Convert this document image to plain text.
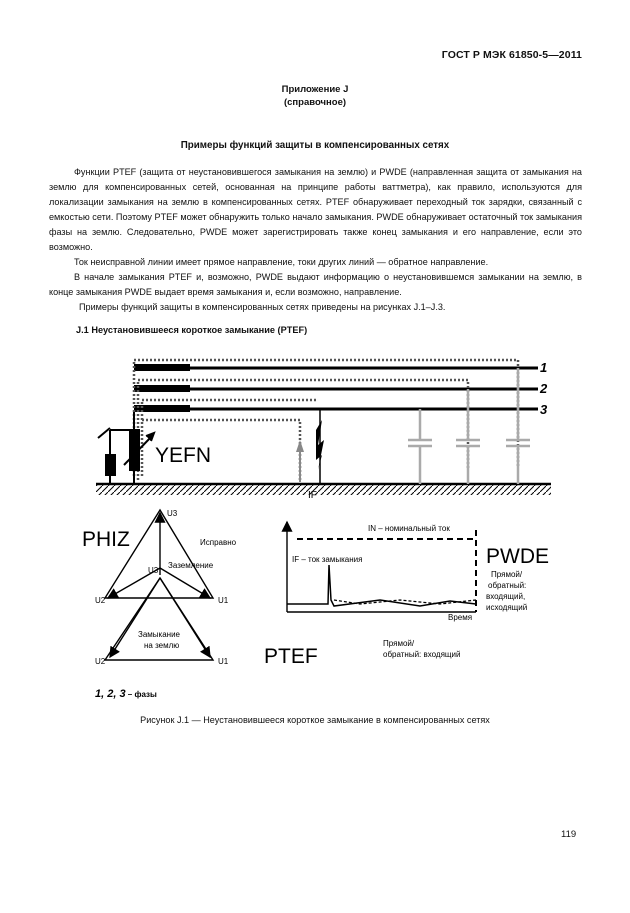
ГОСТ Р МЭК 61850-5—2011
Приложение J
(справочное)
Примеры функций защиты в компенсированных сетях

Функции PTEF (защита от неустановившегося замыкания на землю) и PWDE (направленная защита от замыкания на землю для компенсированных сетей, основанная на принципе работы ваттметра), как правило, используются для локализации замыкания на землю в компенсированных сетях. PTEF обнаруживает переходный ток зарядки, связанный с емкостью сети. Поэтому PTEF может обнаружить только начало замыкания. PWDE обнаруживает остаточный ток замыкания фазы на землю. Следовательно, PWDE может зарегистрировать также конец замыкания и его направление, если это возможно.

Ток неисправной линии имеет прямое направление, токи других линий — обратное направление.

В начале замыкания PTEF и, возможно, PWDE выдают информацию о неустановившемся замыкании на землю, в конце замыкания PWDE выдает время замыкания и, если возможно, направление.

Примеры функций защиты в компенсированных сетях приведены на рисунках J.1–J.3.

J.1 Неустановившееся короткое замыкание (PTEF)
YEFN
IF
1
2
3
PHIZ
U3
U3
U2	U1
U2	U1
Исправно
Заземление
Замыкание
на землю
IN – номинальный ток
IF – ток замыкания
Время
PWDE
Прямой/
обратный:
входящий,
исходящий
PTEF
Прямой/
обратный: входящий
1, 2, 3 – фазы
Рисунок J.1 — Неустановившееся короткое замыкание в компенсированных сетях
119
